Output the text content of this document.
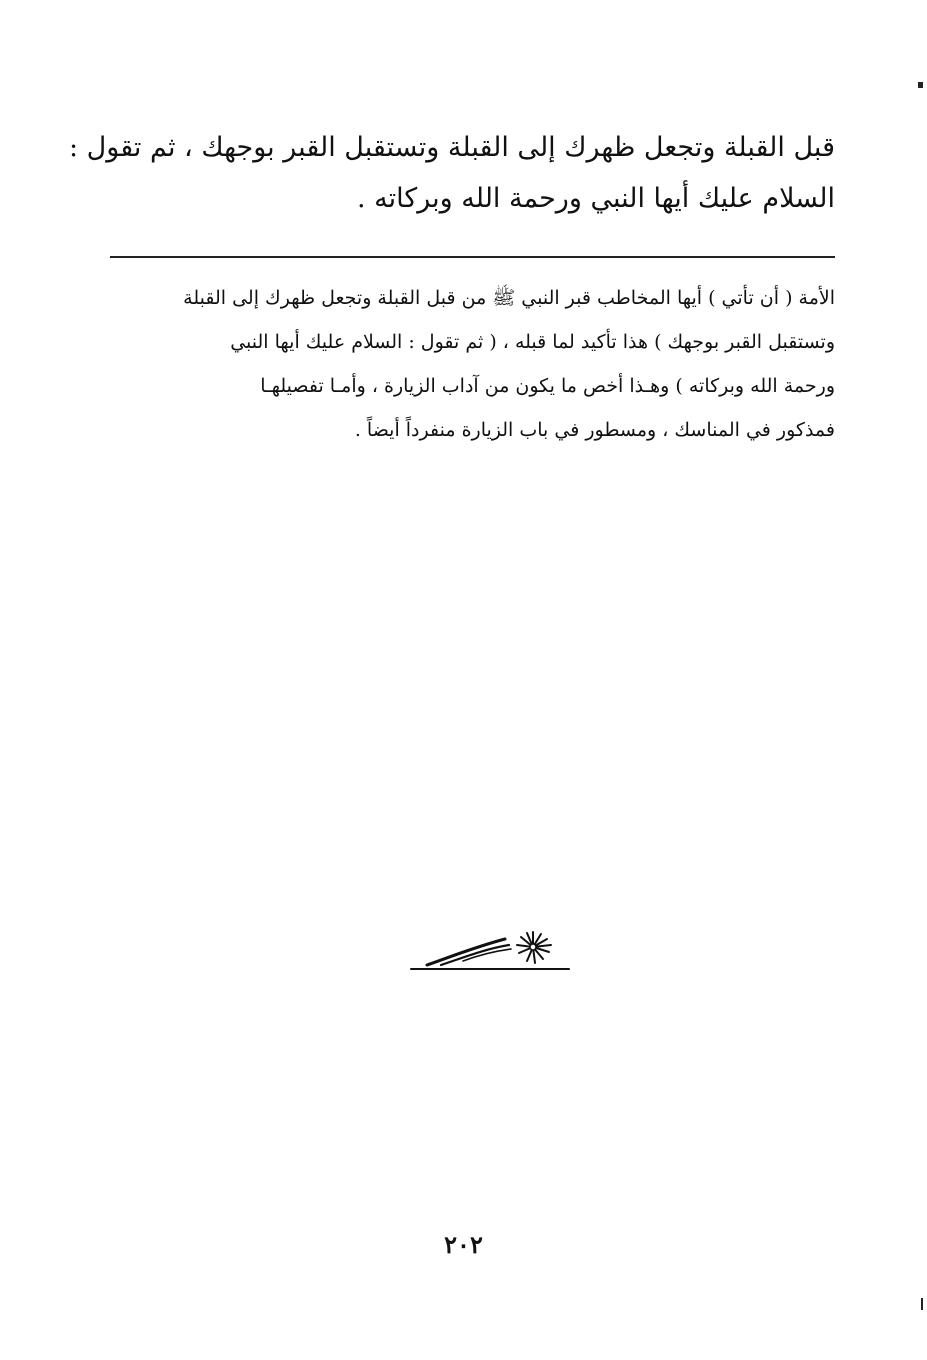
قبل القبلة وتجعل ظهرك إلى القبلة وتستقبل القبر بوجهك ، ثم تقول :

السلام عليك أيها النبي ورحمة الله وبركاته .

الأمة ( أن تأتي ) أيها المخاطب قبر النبي ﷺ من قبل القبلة وتجعل ظهرك إلى القبلة

وتستقبل القبر بوجهك ) هذا تأكيد لما قبله ، ( ثم تقول : السلام عليك أيها النبي

ورحمة الله وبركاته ) وهـذا أخص ما يكون من آداب الزيارة ، وأمـا تفصيلهـا

فمذكور في المناسك ، ومسطور في باب الزيارة منفرداً أيضاً .

٢٠٢
